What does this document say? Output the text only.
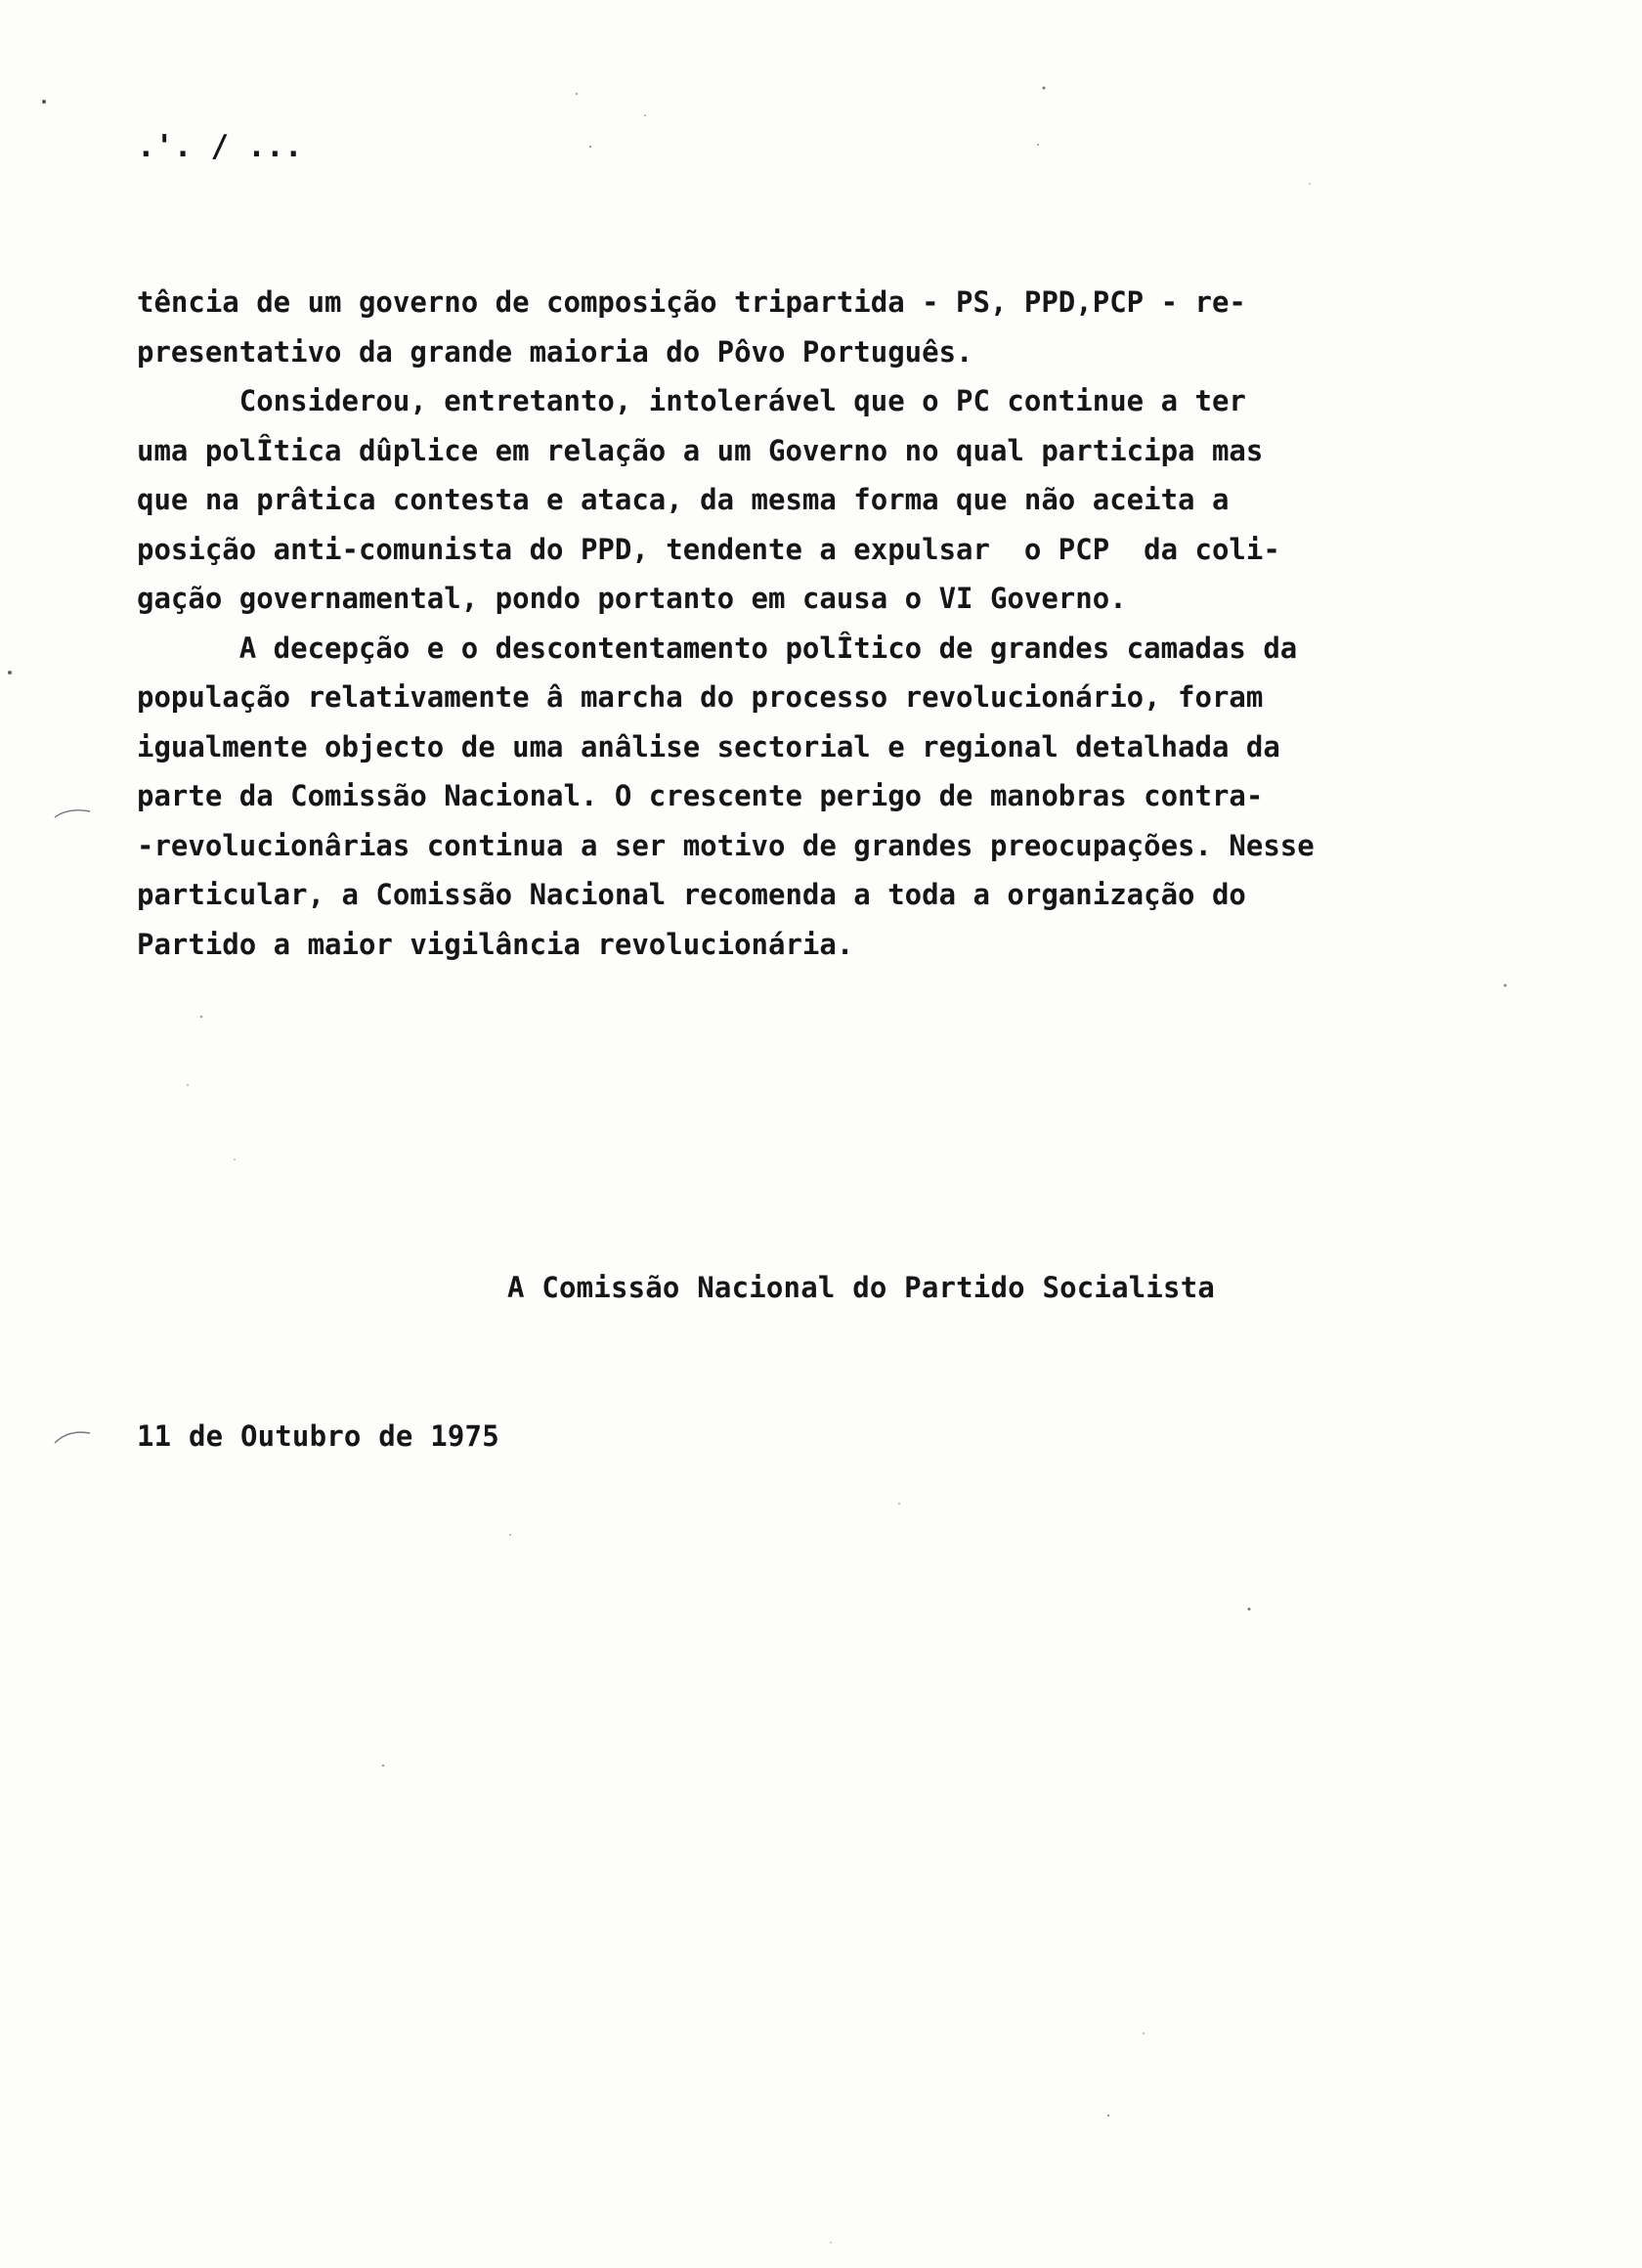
.'. / ...
tência de um governo de composição tripartida - PS, PPD,PCP - re-
presentativo da grande maioria do Pôvo Português.
Considerou, entretanto, intolerável que o PC continue a ter
uma polÎtica dûplice em relação a um Governo no qual participa mas
que na prâtica contesta e ataca, da mesma forma que não aceita a
posição anti-comunista do PPD, tendente a expulsar  o PCP  da coli-
gação governamental, pondo portanto em causa o VI Governo.
A decepção e o descontentamento polÎtico de grandes camadas da
população relativamente â marcha do processo revolucionário, foram
igualmente objecto de uma anâlise sectorial e regional detalhada da
parte da Comissão Nacional. O crescente perigo de manobras contra-
-revolucionârias continua a ser motivo de grandes preocupações. Nesse
particular, a Comissão Nacional recomenda a toda a organização do
Partido a maior vigilância revolucionária.
A Comissão Nacional do Partido Socialista
11 de Outubro de 1975
